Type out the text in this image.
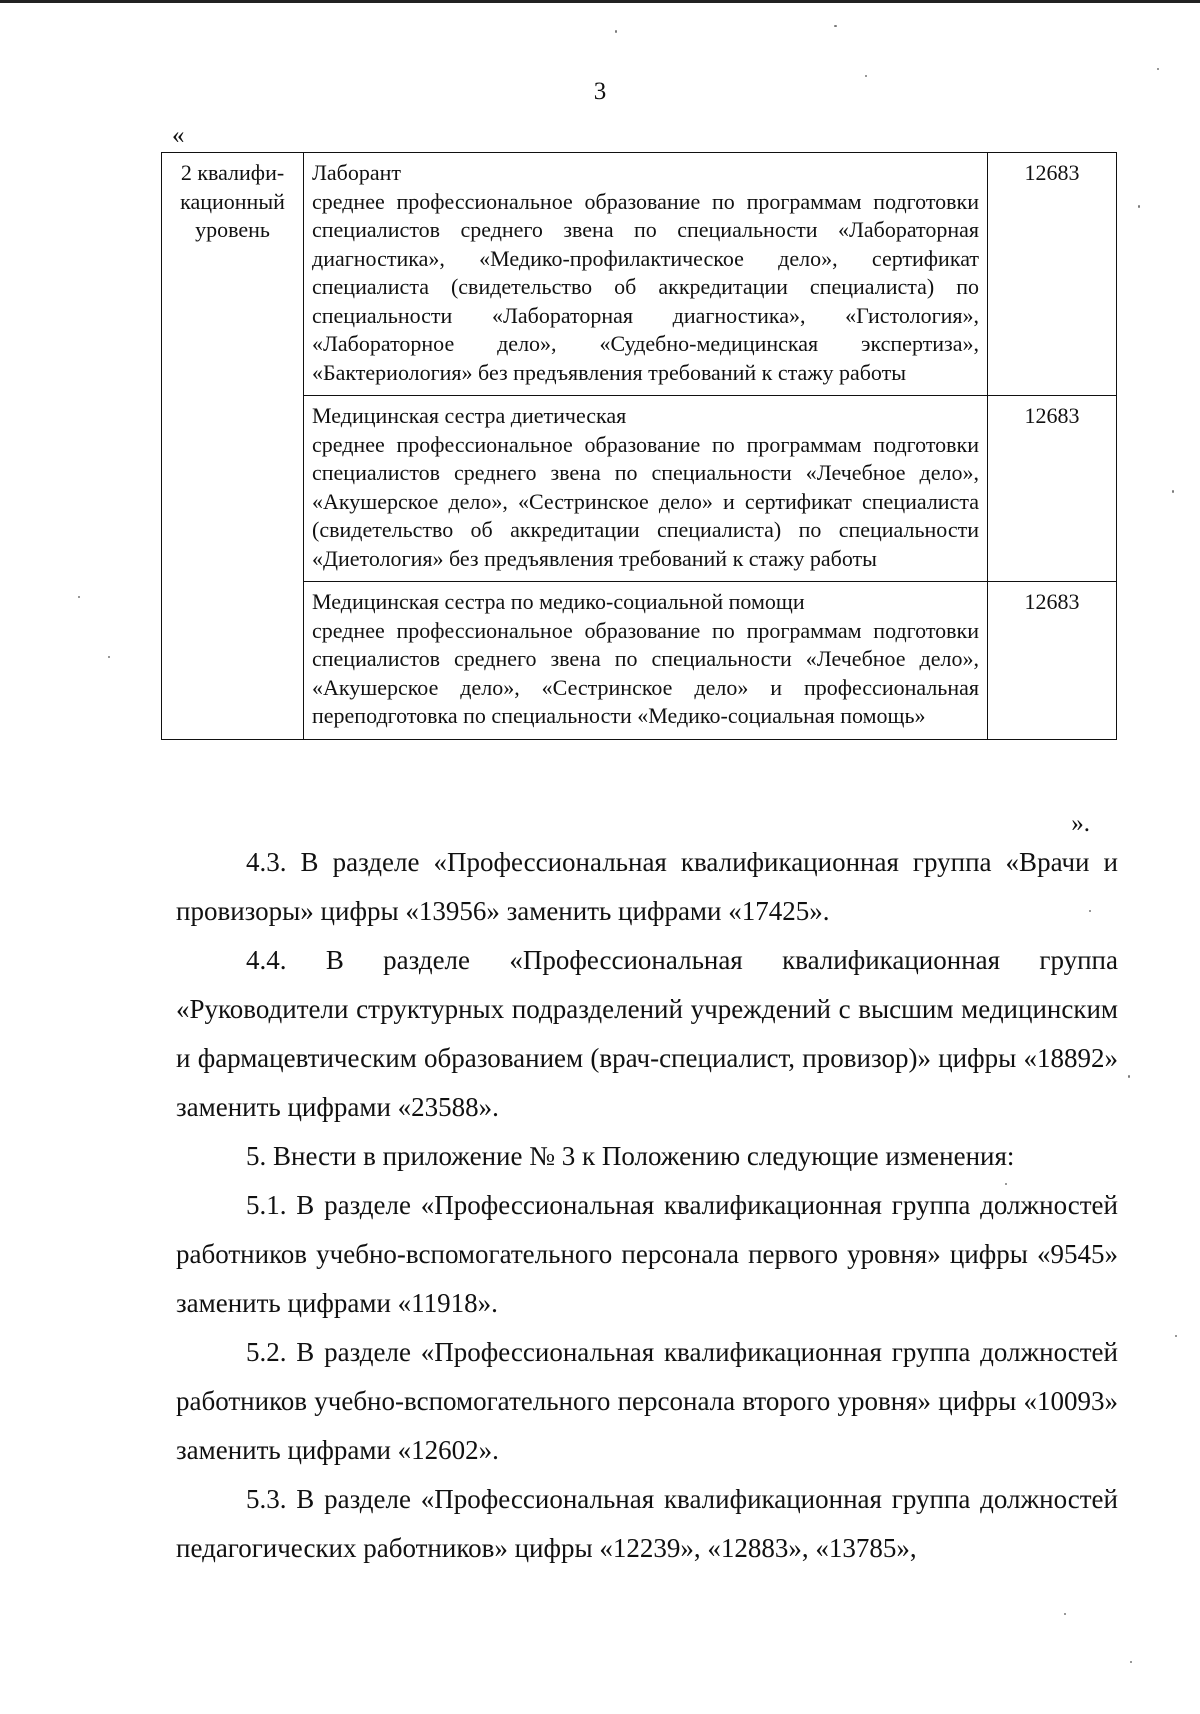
3
«
2 квалифи-кационный уровень	Лаборант
среднее профессиональное образование по программам подготовки специалистов среднего звена по специальности «Лабораторная диагностика», «Медико-профилактическое дело», сертификат специалиста (свидетельство об аккредитации специалиста) по специальности «Лабораторная диагностика», «Гистология», «Лабораторное дело», «Судебно-медицинская экспертиза», «Бактериология» без предъявления требований к стажу работы	12683

	Медицинская сестра диетическая
среднее профессиональное образование по программам подготовки специалистов среднего звена по специальности «Лечебное дело», «Акушерское дело», «Сестринское дело» и сертификат специалиста (свидетельство об аккредитации специалиста) по специальности «Диетология» без предъявления требований к стажу работы	12683

	Медицинская сестра по медико-социальной помощи
среднее профессиональное образование по программам подготовки специалистов среднего звена по специальности «Лечебное дело», «Акушерское дело», «Сестринское дело» и профессиональная переподготовка по специальности «Медико-социальная помощь»	12683
».

4.3. В разделе «Профессиональная квалификационная группа «Врачи и провизоры» цифры «13956» заменить цифрами «17425».

4.4. В разделе «Профессиональная квалификационная группа «Руководители структурных подразделений учреждений с высшим медицинским и фармацевтическим образованием (врач-специалист, провизор)» цифры «18892» заменить цифрами «23588».

5. Внести в приложение № 3 к Положению следующие изменения:

5.1. В разделе «Профессиональная квалификационная группа должностей работников учебно-вспомогательного персонала первого уровня» цифры «9545» заменить цифрами «11918».

5.2. В разделе «Профессиональная квалификационная группа должностей работников учебно-вспомогательного персонала второго уровня» цифры «10093» заменить цифрами «12602».

5.3. В разделе «Профессиональная квалификационная группа должностей педагогических работников» цифры «12239», «12883», «13785»,
